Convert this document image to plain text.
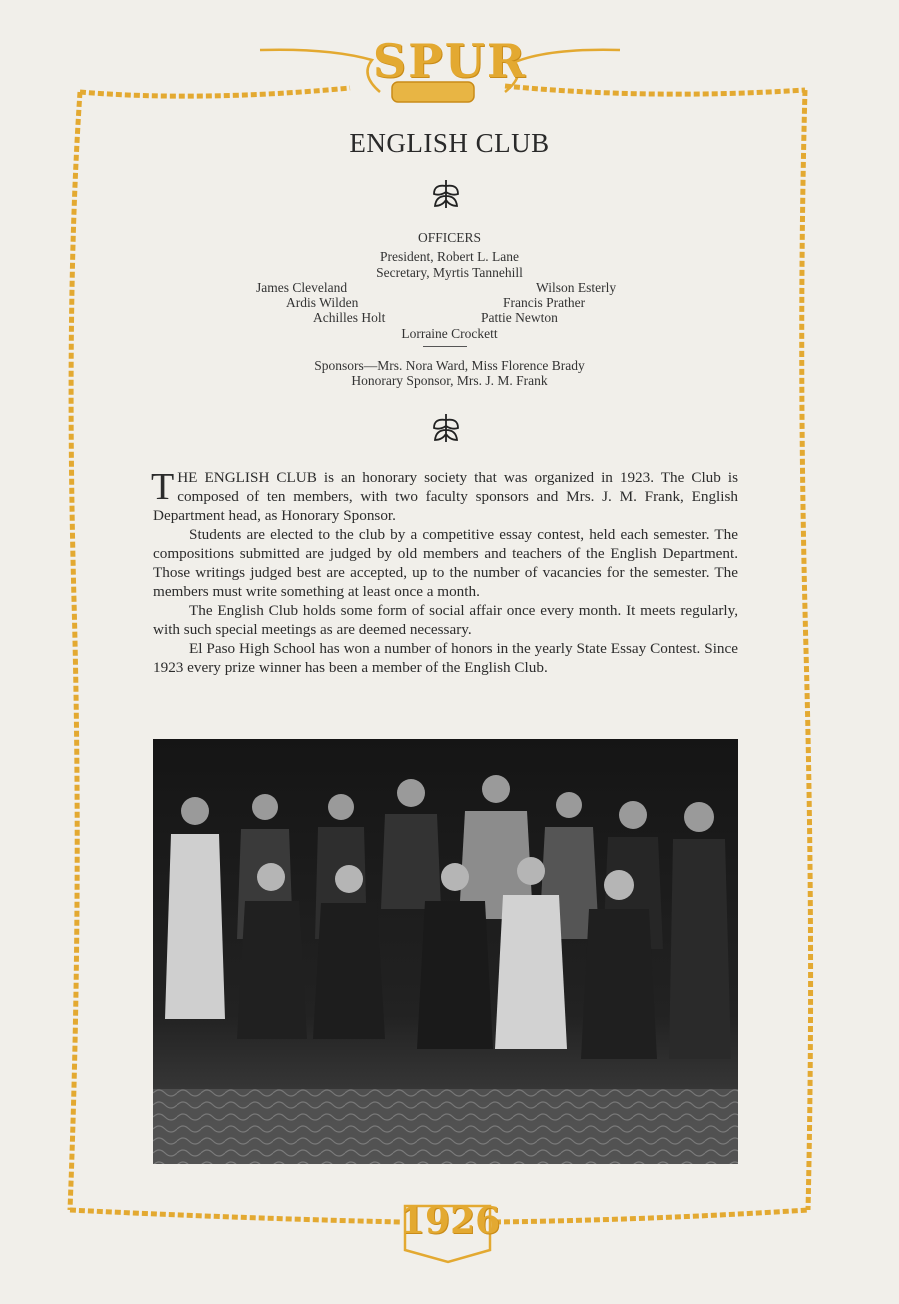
SPUR
1926
ENGLISH CLUB
OFFICERS
President, Robert L. Lane
Secretary, Myrtis Tannehill
James Cleveland	Wilson Esterly
Ardis Wilden	Francis Prather
Achilles Holt	Pattie Newton
Lorraine Crockett
Sponsors—Mrs. Nora Ward, Miss Florence Brady
Honorary Sponsor, Mrs. J. M. Frank

THE ENGLISH CLUB is an honorary society that was organized in 1923. The Club is composed of ten members, with two faculty sponsors and Mrs. J. M. Frank, English Department head, as Honorary Sponsor.

Students are elected to the club by a competitive essay contest, held each semester. The compositions submitted are judged by old members and teachers of the English Department. Those writings judged best are accepted, up to the number of vacancies for the semester. The members must write something at least once a month.

The English Club holds some form of social affair once every month. It meets regularly, with such special meetings as are deemed necessary.

El Paso High School has won a number of honors in the yearly State Essay Contest. Since 1923 every prize winner has been a member of the English Club.
